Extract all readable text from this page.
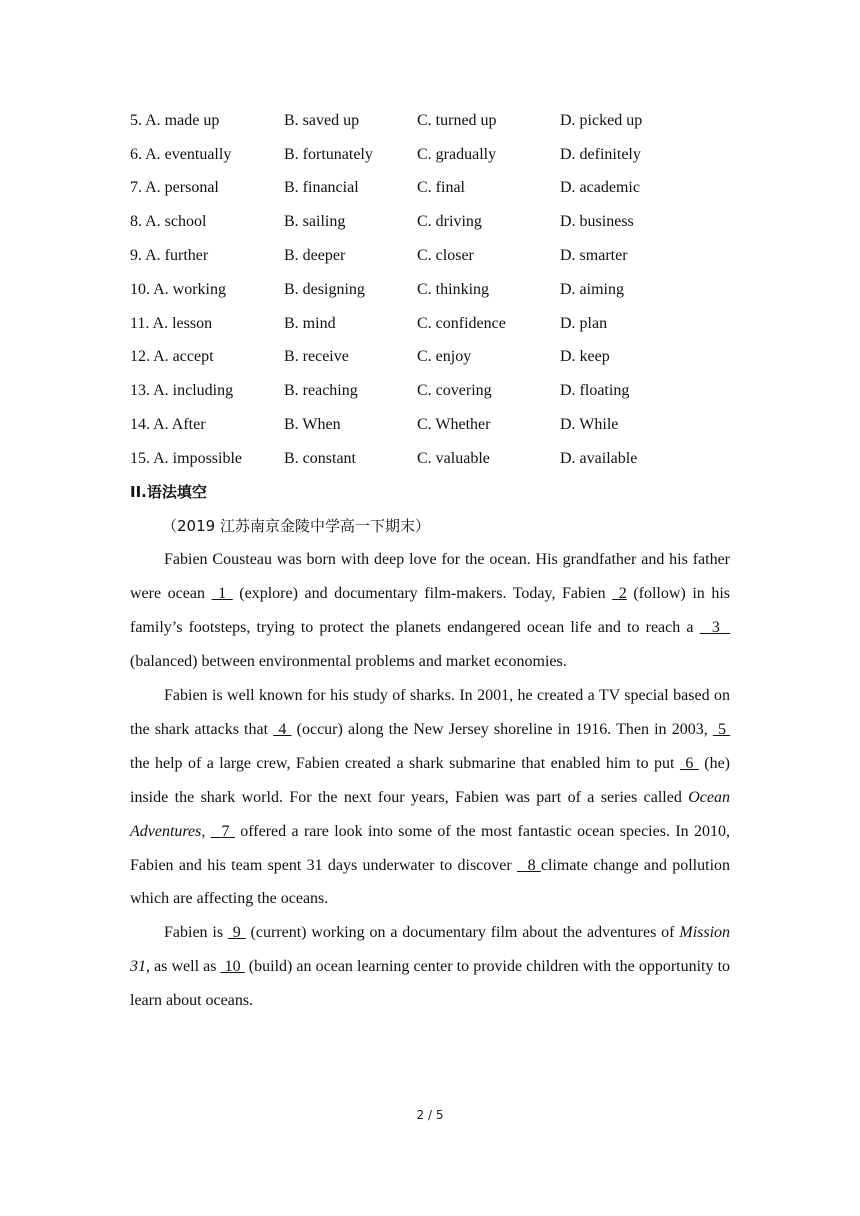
5. A. made up	B. saved up	C. turned up	D. picked up
6. A. eventually	B. fortunately	C. gradually	D. definitely
7. A. personal	B. financial	C. final	D. academic
8. A. school	B. sailing	C. driving	D. business
9. A. further	B. deeper	C. closer	D. smarter
10. A. working	B. designing	C. thinking	D. aiming
11. A. lesson	B. mind	C. confidence	D. plan
12. A. accept	B. receive	C. enjoy	D. keep
13. A. including	B. reaching	C. covering	D. floating
14. A. After	B. When	C. Whether	D. While
15. A. impossible	B. constant	C. valuable	D. available
II.语法填空
（2019 江苏南京金陵中学高一下期末）

Fabien Cousteau was born with deep love for the ocean. His grandfather and his father were ocean  1  (explore) and documentary film-makers. Today, Fabien  2 (follow) in his family’s footsteps, trying to protect the planets endangered ocean life and to reach a   3   (balanced) between environmental problems and market economies.

Fabien is well known for his study of sharks. In 2001, he created a TV special based on the shark attacks that  4  (occur) along the New Jersey shoreline in 1916. Then in 2003,  5  the help of a large crew, Fabien created a shark submarine that enabled him to put  6  (he) inside the shark world. For the next four years, Fabien was part of a series called Ocean Adventures,   7  offered a rare look into some of the most fantastic ocean species. In 2010, Fabien and his team spent 31 days underwater to discover   8 climate change and pollution which are affecting the oceans.

Fabien is  9  (current) working on a documentary film about the adventures of Mission 31, as well as  10  (build) an ocean learning center to provide children with the opportunity to learn about oceans.

2 / 5
